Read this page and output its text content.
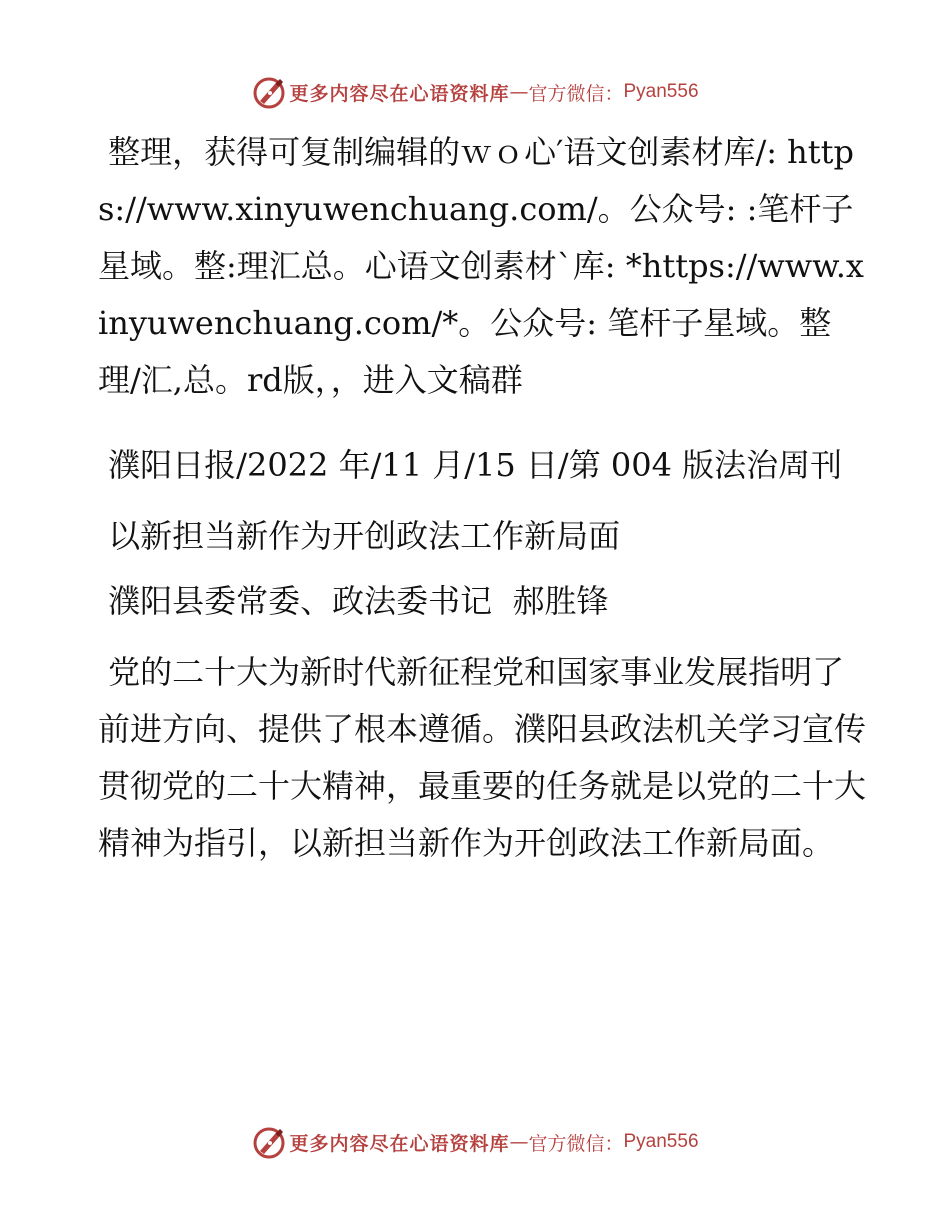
更多内容尽在心语资料库 — 官方微信： Pyan556

整理，获得可复制编辑的ｗｏ心′语文创素材库/: https://www.xinyuwenchuang.com/。公众号: :笔杆子星域。整:理汇总。心语文创素材`库: *https://www.xinyuwenchuang.com/*。公众号: 笔杆子星域。整理/汇,总。rd版，，进入文稿群

濮阳日报/2022 年/11 月/15 日/第 004 版法治周刊

以新担当新作为开创政法工作新局面

濮阳县委常委、政法委书记  郝胜锋

党的二十大为新时代新征程党和国家事业发展指明了前进方向、提供了根本遵循。濮阳县政法机关学习宣传贯彻党的二十大精神，最重要的任务就是以党的二十大精神为指引，以新担当新作为开创政法工作新局面。

更多内容尽在心语资料库 — 官方微信： Pyan556
